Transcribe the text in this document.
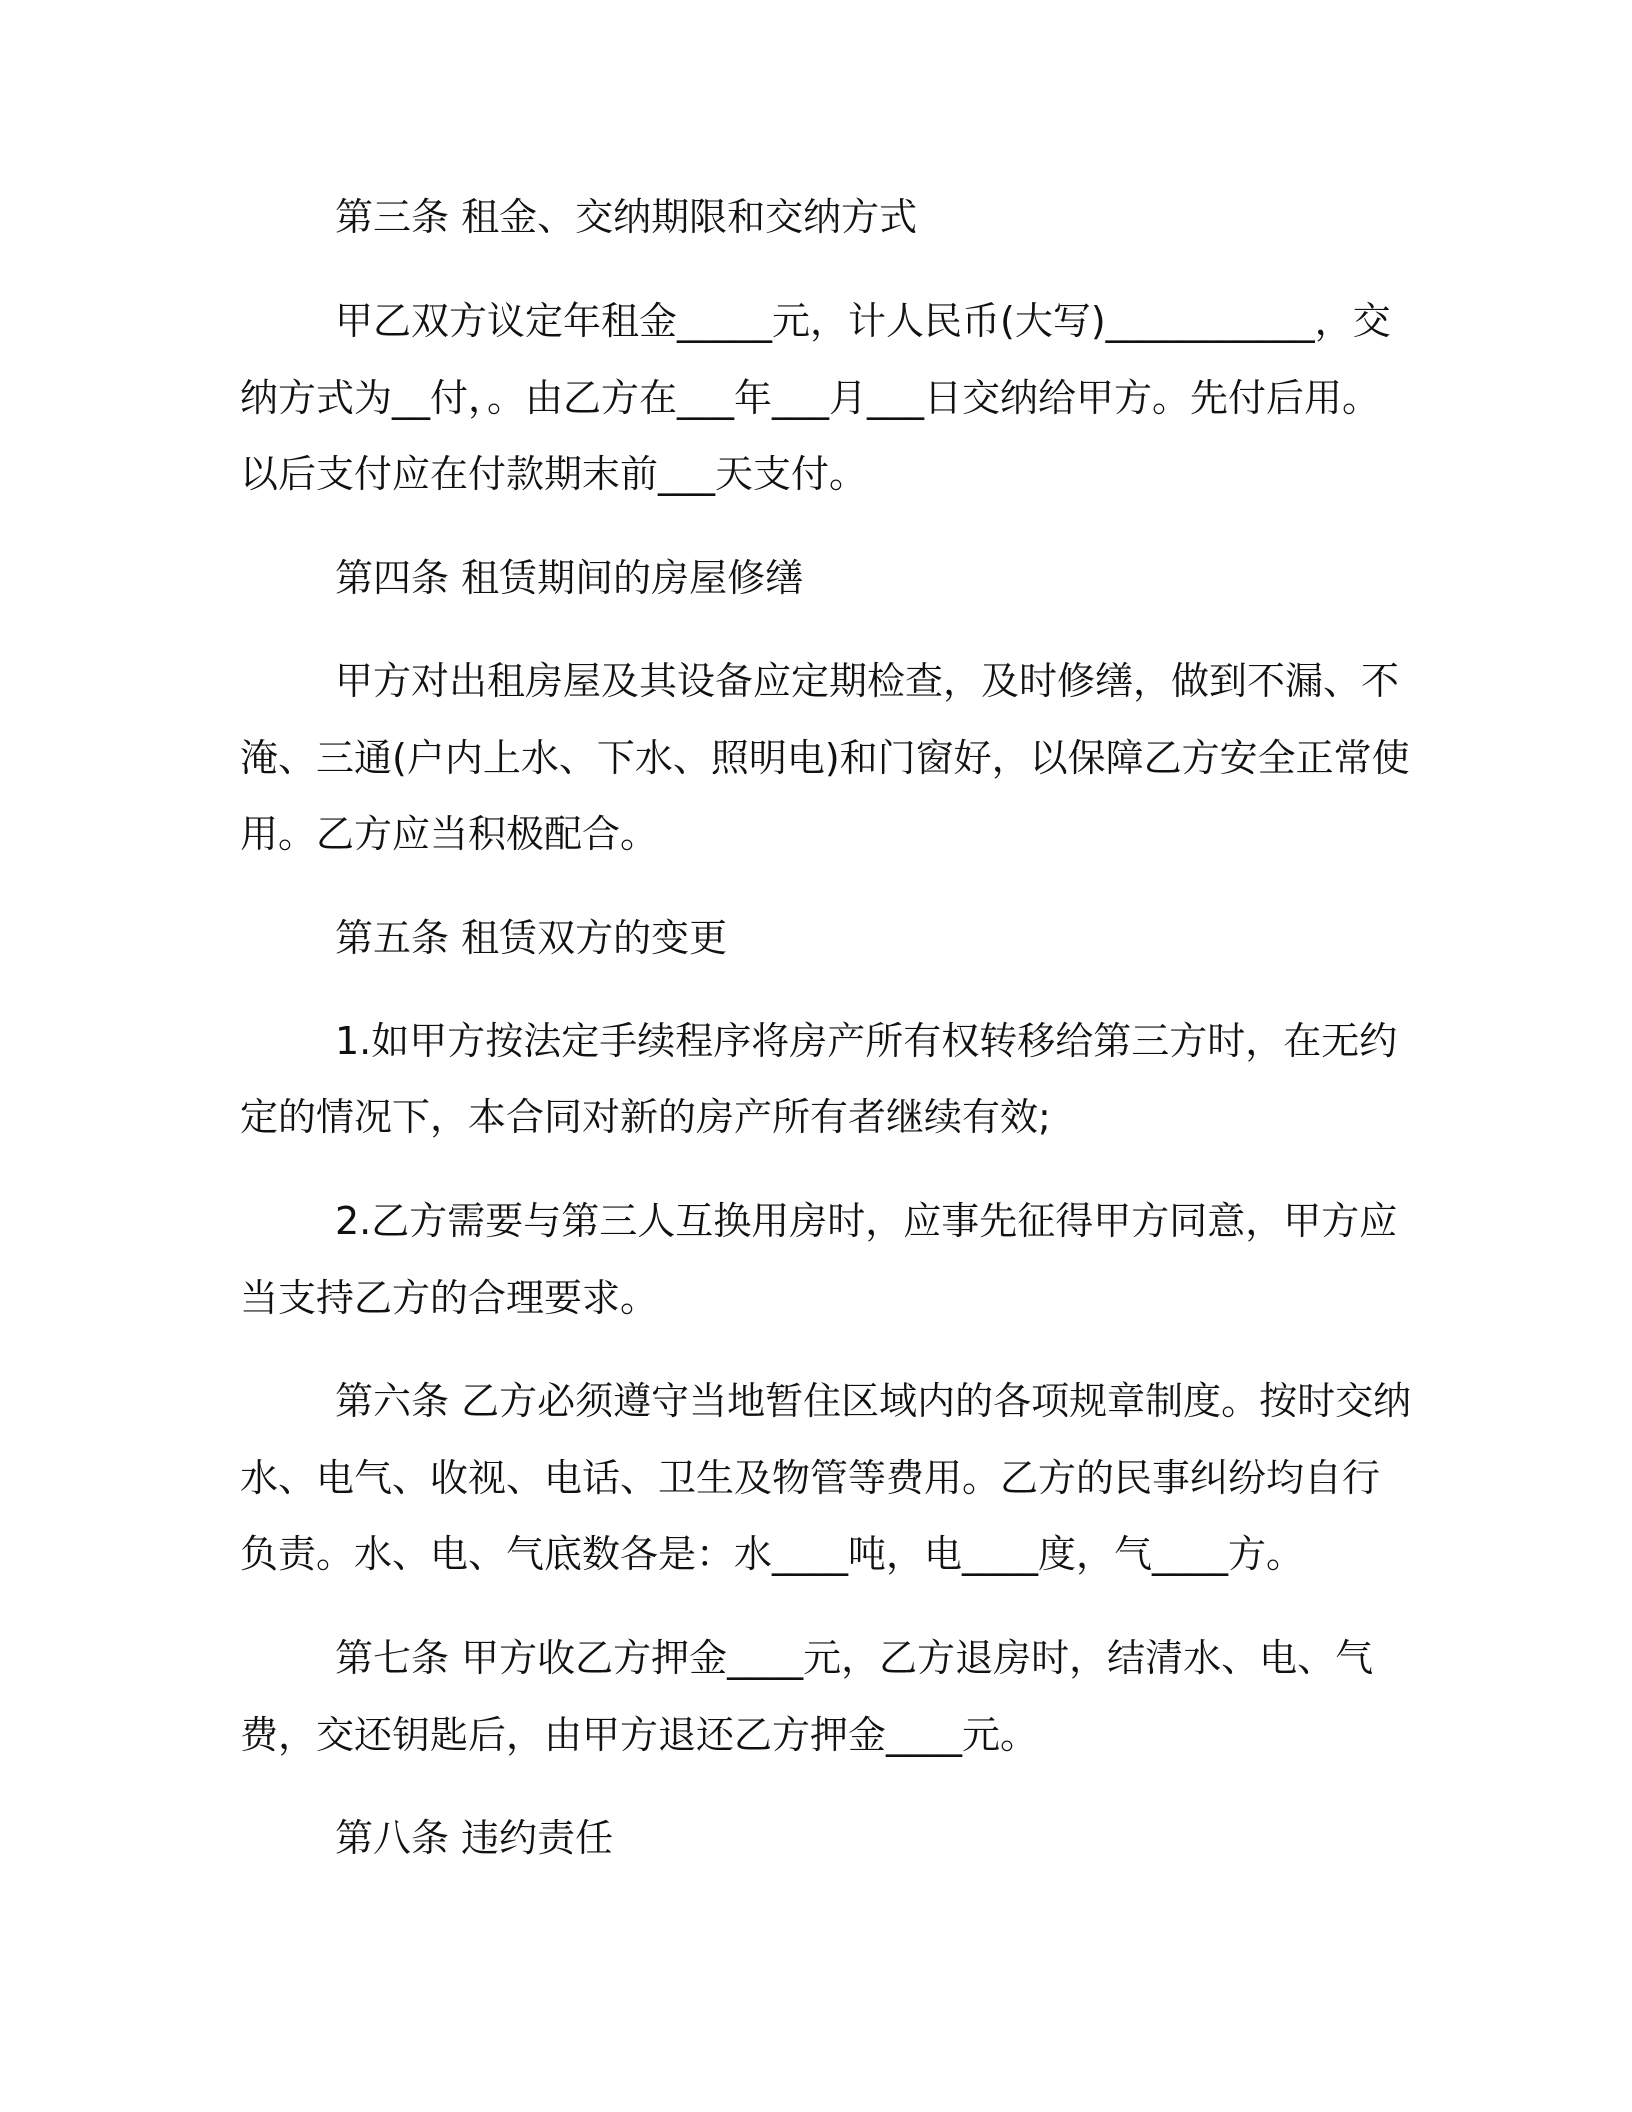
第三条 租金、交纳期限和交纳方式

甲乙双方议定年租金_____元，计人民币(大写)___________，交

纳方式为__付，。由乙方在___年___月___日交纳给甲方。先付后用。

以后支付应在付款期末前___天支付。

第四条 租赁期间的房屋修缮

甲方对出租房屋及其设备应定期检查，及时修缮，做到不漏、不

淹、三通(户内上水、下水、照明电)和门窗好，以保障乙方安全正常使

用。乙方应当积极配合。

第五条 租赁双方的变更

1.如甲方按法定手续程序将房产所有权转移给第三方时，在无约

定的情况下，本合同对新的房产所有者继续有效;

2.乙方需要与第三人互换用房时，应事先征得甲方同意，甲方应

当支持乙方的合理要求。

第六条 乙方必须遵守当地暂住区域内的各项规章制度。按时交纳

水、电气、收视、电话、卫生及物管等费用。乙方的民事纠纷均自行

负责。水、电、气底数各是：水____吨，电____度，气____方。

第七条 甲方收乙方押金____元，乙方退房时，结清水、电、气

费，交还钥匙后，由甲方退还乙方押金____元。

第八条 违约责任
